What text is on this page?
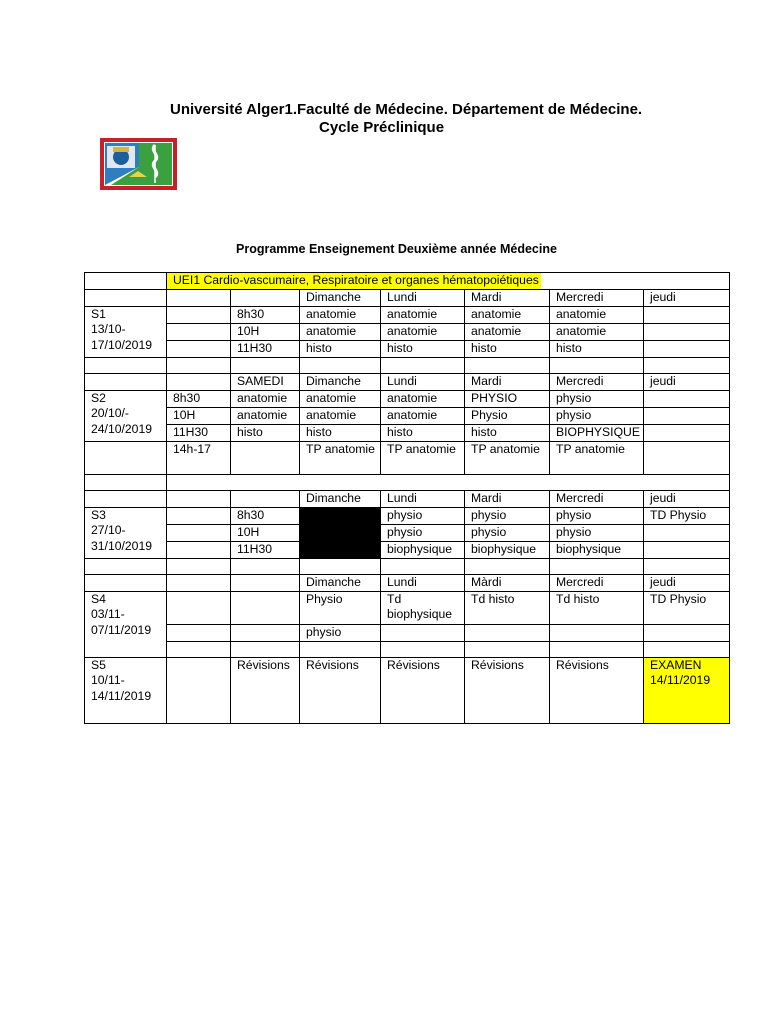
Université Alger1.Faculté de Médecine. Département de Médecine.
Cycle Préclinique
Programme Enseignement Deuxième année Médecine
	UEI1 Cardio-vascumaire, Respiratoire et organes hématopoiétiques						
			Dimanche	Lundi	Mardi	Mercredi	jeudi
S1
13/10-
17/10/2019		8h30	anatomie	anatomie	anatomie	anatomie	
		10H	anatomie	anatomie	anatomie	anatomie	
		11H30	histo	histo	histo	histo	

		SAMEDI	Dimanche	Lundi	Mardi	Mercredi	jeudi
S2
20/10/-
24/10/2019	8h30	anatomie	anatomie	anatomie	PHYSIO	physio	
	10H	anatomie	anatomie	anatomie	Physio	physio	
	11H30	histo	histo	histo	histo	BIOPHYSIQUE	
	14h-17		TP anatomie	TP anatomie	TP anatomie	TP anatomie	

			Dimanche	Lundi	Mardi	Mercredi	jeudi
S3
27/10-
31/10/2019		8h30		physio	physio	physio	TD Physio
		10H		physio	physio	physio	
		11H30		biophysique	biophysique	biophysique	

			Dimanche	Lundi	Màrdi	Mercredi	jeudi
S4
03/11-
07/11/2019			Physio	Td biophysique	Td histo	Td histo	TD Physio
			physio				

S5
10/11-
14/11/2019		Révisions	Révisions	Révisions	Révisions	Révisions	EXAMEN 14/11/2019
